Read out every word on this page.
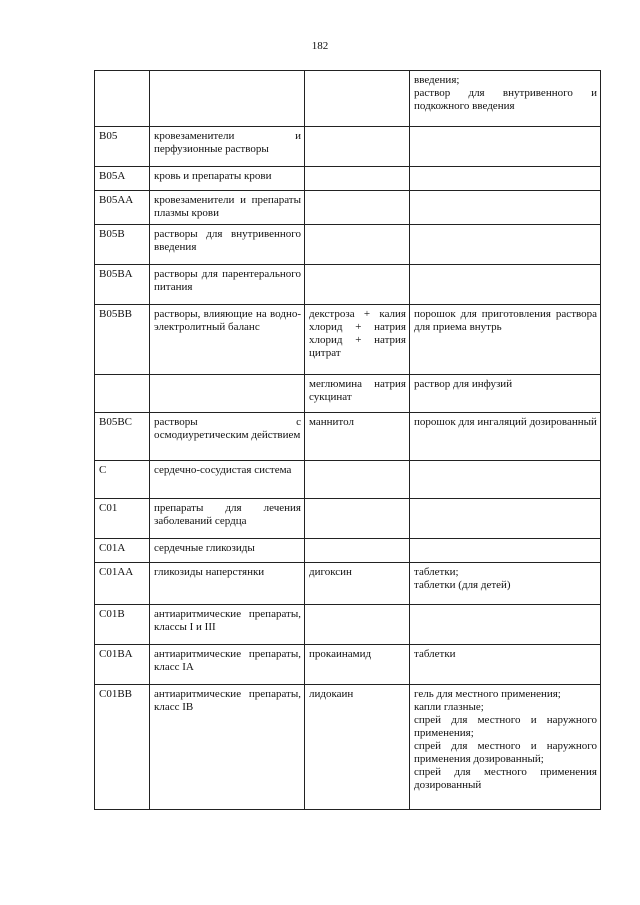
182

			введения;
раствор для внутривенного и подкожного введения

B05	кровезаменители и перфузионные растворы		

B05A	кровь и препараты крови		

B05AA	кровезаменители и препараты плазмы крови		

B05B	растворы для внутривенного введения		

B05BA	растворы для парентерального питания		

B05BB	растворы, влияющие на водно-электролитный баланс	декстроза + калия хлорид + натрия хлорид + натрия цитрат	порошок для приготовления раствора для приема внутрь

		меглюмина натрия сукцинат	раствор для инфузий

B05BC	растворы с осмодиуретическим действием	маннитол	порошок для ингаляций дозированный

C	сердечно-сосудистая система		

C01	препараты для лечения заболеваний сердца		

C01A	сердечные гликозиды		

C01AA	гликозиды наперстянки	дигоксин	таблетки;
таблетки (для детей)

C01B	антиаритмические препараты, классы I и III		

C01BA	антиаритмические препараты, класс IA	прокаинамид	таблетки

C01BB	антиаритмические препараты, класс IB	лидокаин	гель для местного применения;
капли глазные;
спрей для местного и наружного применения;
спрей для местного и наружного применения дозированный;
спрей для местного применения дозированный
